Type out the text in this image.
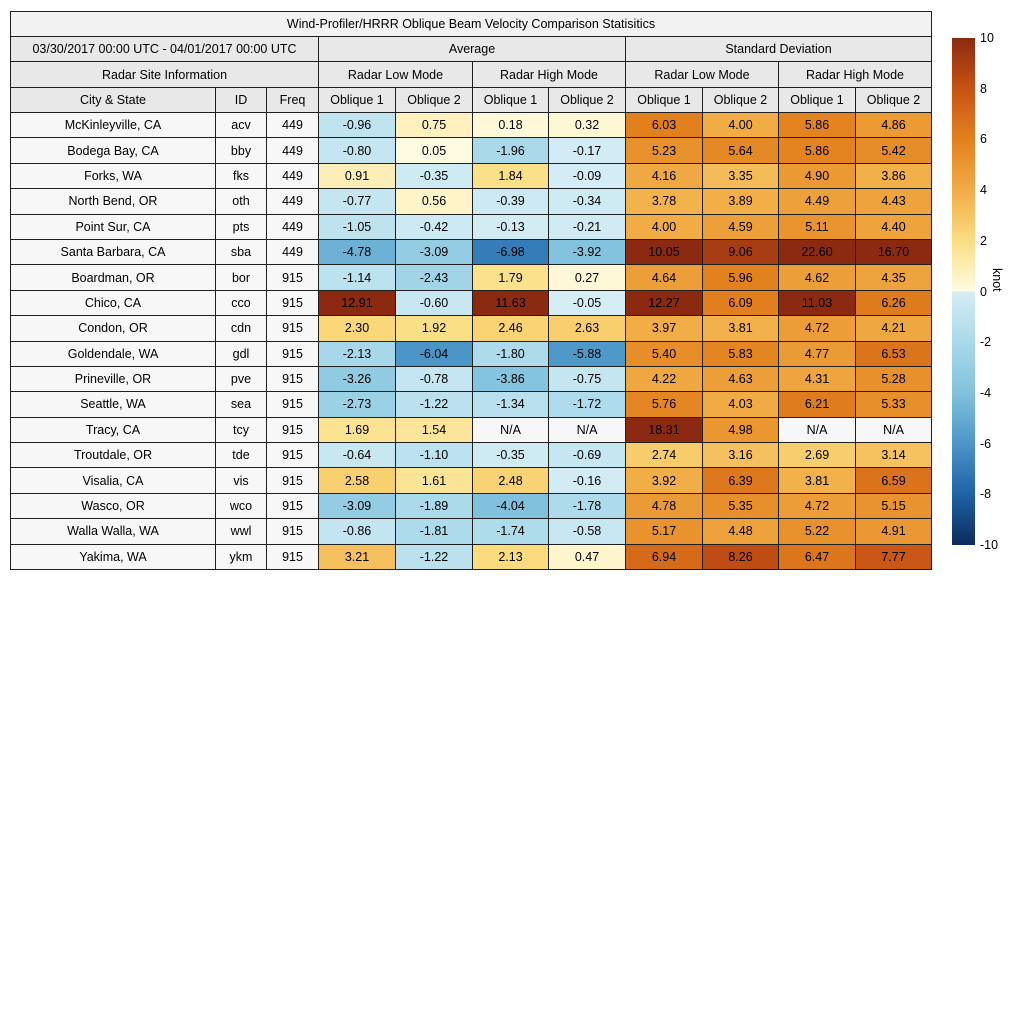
Wind-Profiler/HRRR Oblique Beam Velocity Comparison Statisitics										
03/30/2017 00:00 UTC - 04/01/2017 00:00 UTC			Average				Standard Deviation			
Radar Site Information			Radar Low Mode		Radar High Mode		Radar Low Mode		Radar High Mode	
City & State	ID	Freq	Oblique 1	Oblique 2	Oblique 1	Oblique 2	Oblique 1	Oblique 2	Oblique 1	Oblique 2
McKinleyville, CA	acv	449	-0.96	0.75	0.18	0.32	6.03	4.00	5.86	4.86
Bodega Bay, CA	bby	449	-0.80	0.05	-1.96	-0.17	5.23	5.64	5.86	5.42
Forks, WA	fks	449	0.91	-0.35	1.84	-0.09	4.16	3.35	4.90	3.86
North Bend, OR	oth	449	-0.77	0.56	-0.39	-0.34	3.78	3.89	4.49	4.43
Point Sur, CA	pts	449	-1.05	-0.42	-0.13	-0.21	4.00	4.59	5.11	4.40
Santa Barbara, CA	sba	449	-4.78	-3.09	-6.98	-3.92	10.05	9.06	22.60	16.70
Boardman, OR	bor	915	-1.14	-2.43	1.79	0.27	4.64	5.96	4.62	4.35
Chico, CA	cco	915	12.91	-0.60	11.63	-0.05	12.27	6.09	11.03	6.26
Condon, OR	cdn	915	2.30	1.92	2.46	2.63	3.97	3.81	4.72	4.21
Goldendale, WA	gdl	915	-2.13	-6.04	-1.80	-5.88	5.40	5.83	4.77	6.53
Prineville, OR	pve	915	-3.26	-0.78	-3.86	-0.75	4.22	4.63	4.31	5.28
Seattle, WA	sea	915	-2.73	-1.22	-1.34	-1.72	5.76	4.03	6.21	5.33
Tracy, CA	tcy	915	1.69	1.54	N/A	N/A	18.31	4.98	N/A	N/A
Troutdale, OR	tde	915	-0.64	-1.10	-0.35	-0.69	2.74	3.16	2.69	3.14
Visalia, CA	vis	915	2.58	1.61	2.48	-0.16	3.92	6.39	3.81	6.59
Wasco, OR	wco	915	-3.09	-1.89	-4.04	-1.78	4.78	5.35	4.72	5.15
Walla Walla, WA	wwl	915	-0.86	-1.81	-1.74	-0.58	5.17	4.48	5.22	4.91
Yakima, WA	ykm	915	3.21	-1.22	2.13	0.47	6.94	8.26	6.47	7.77
10
8
6
4
2
0
-2
-4
-6
-8
-10
knot
